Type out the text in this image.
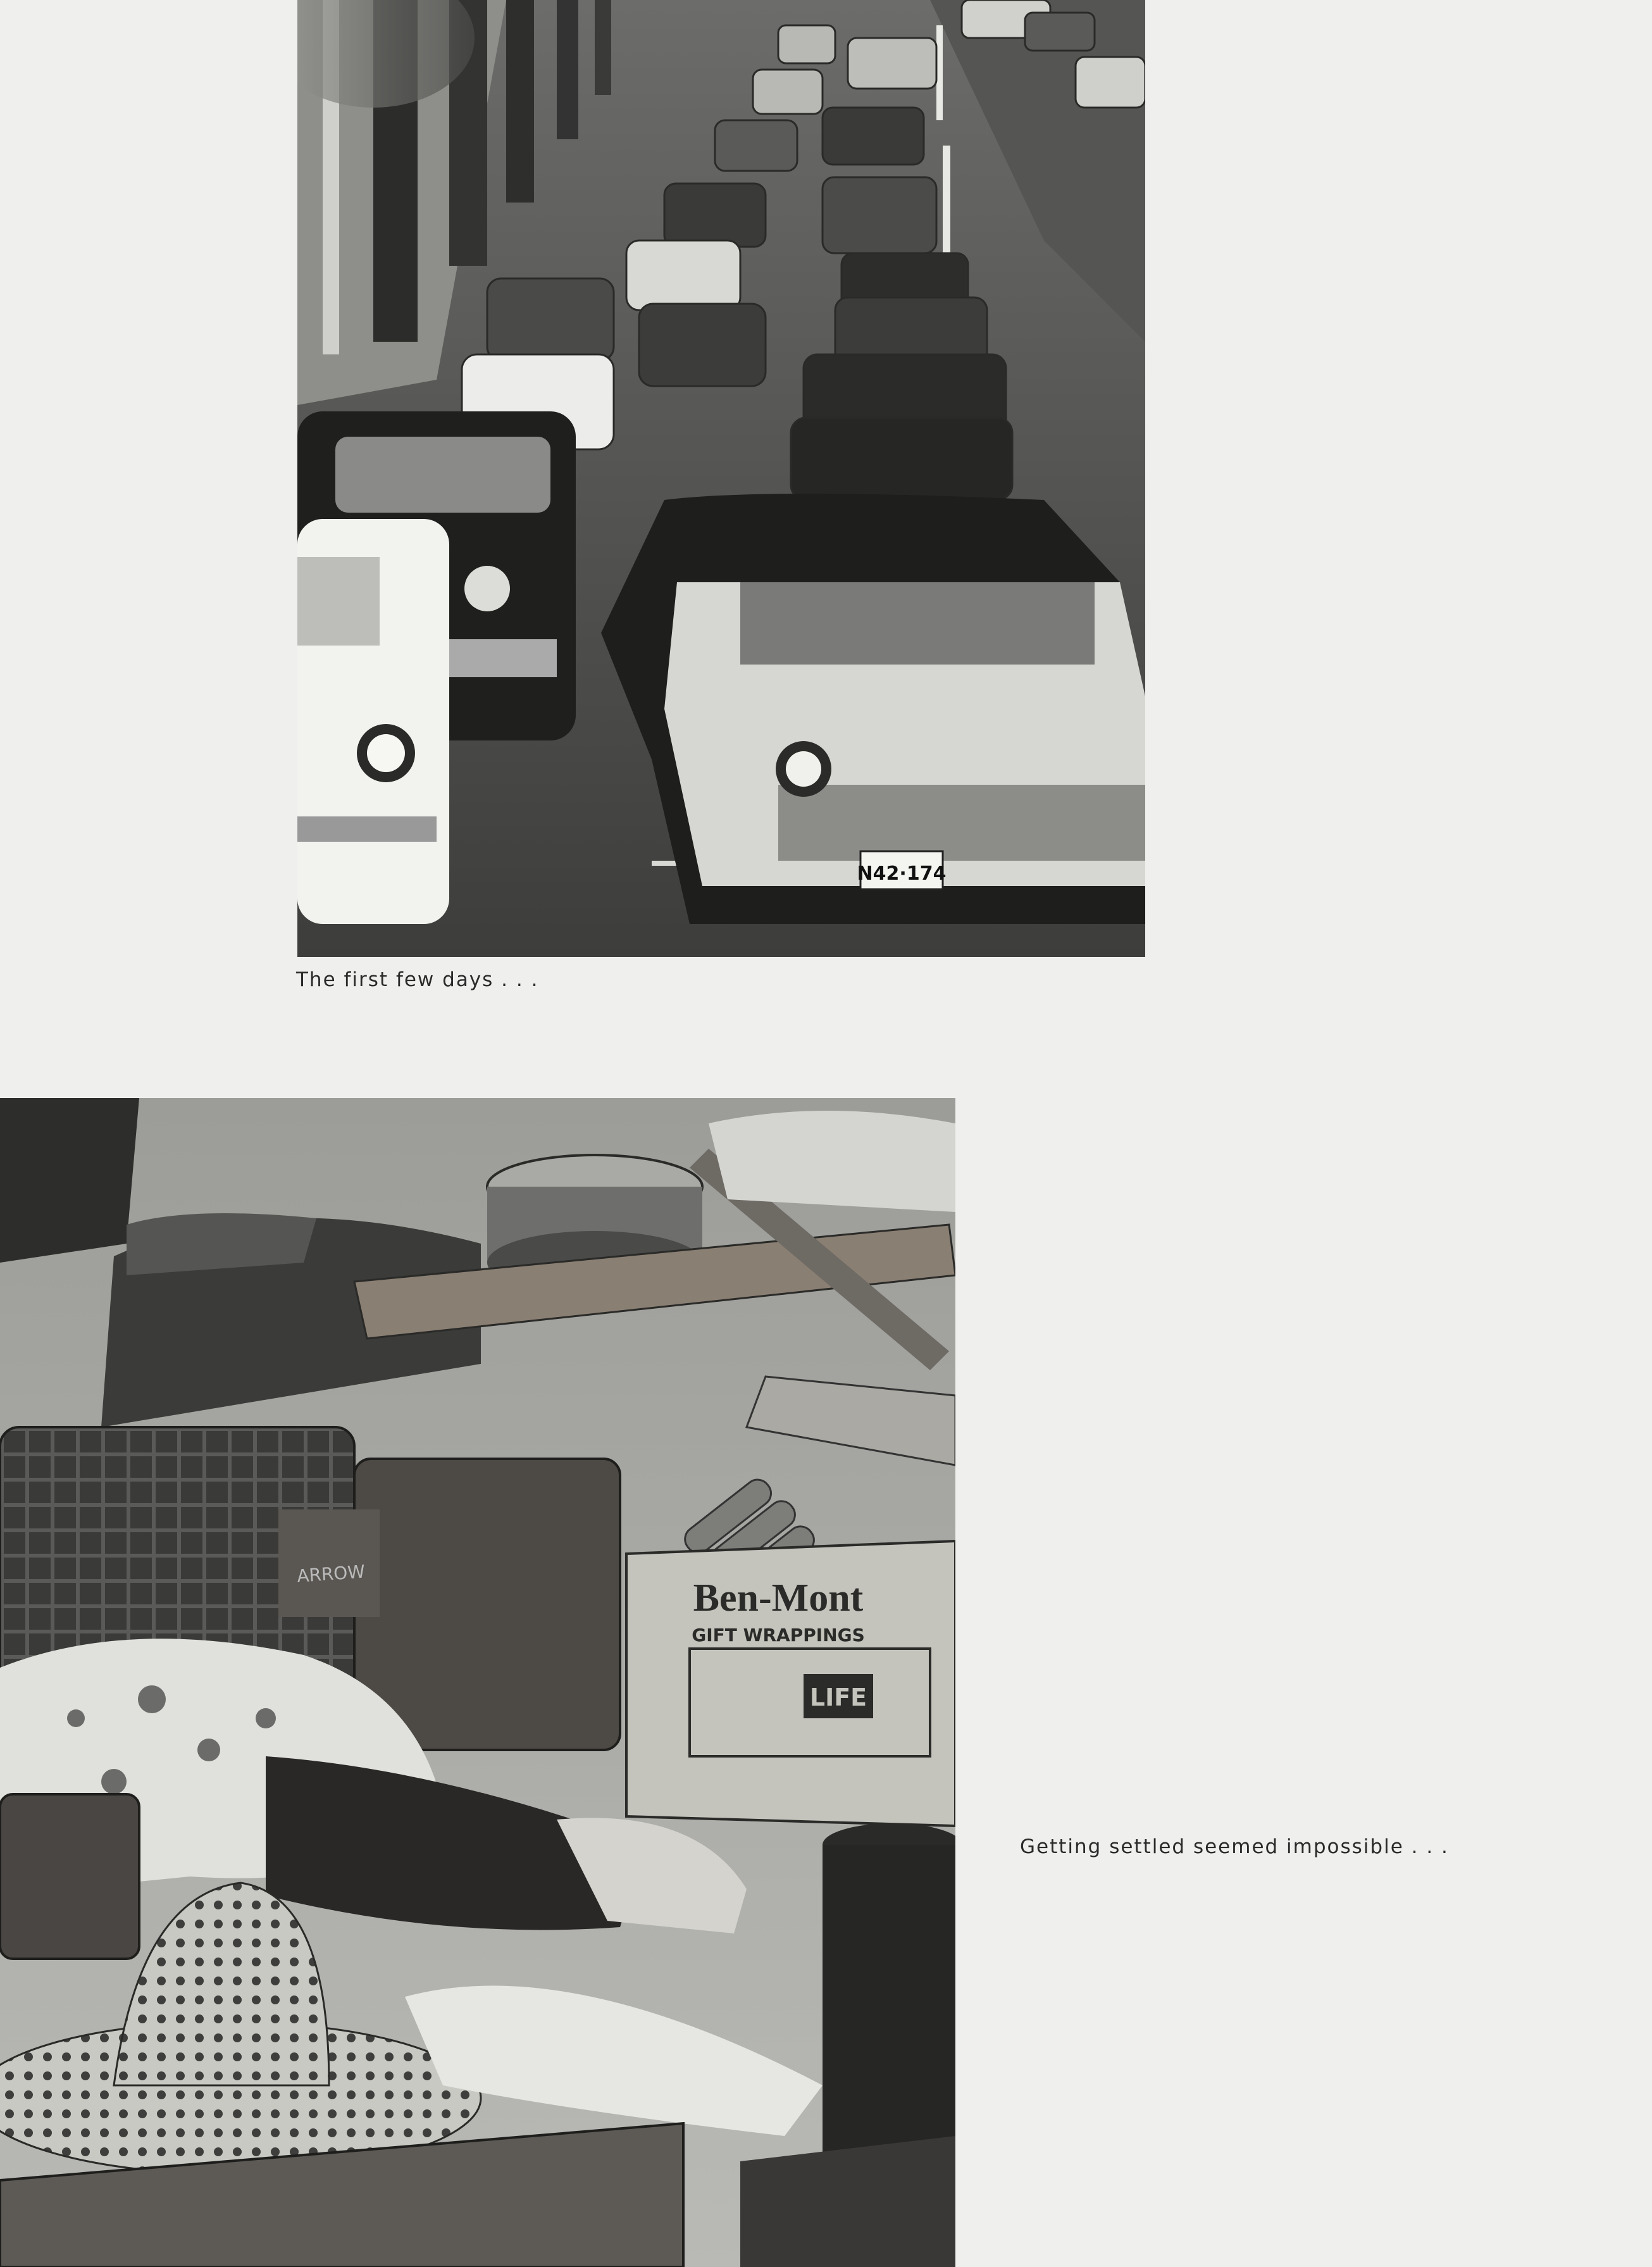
N42·174
The first few days . . .
ARROW
Ben-Mont
GIFT WRAPPINGS
LIFE
Getting settled seemed impossible . . .
